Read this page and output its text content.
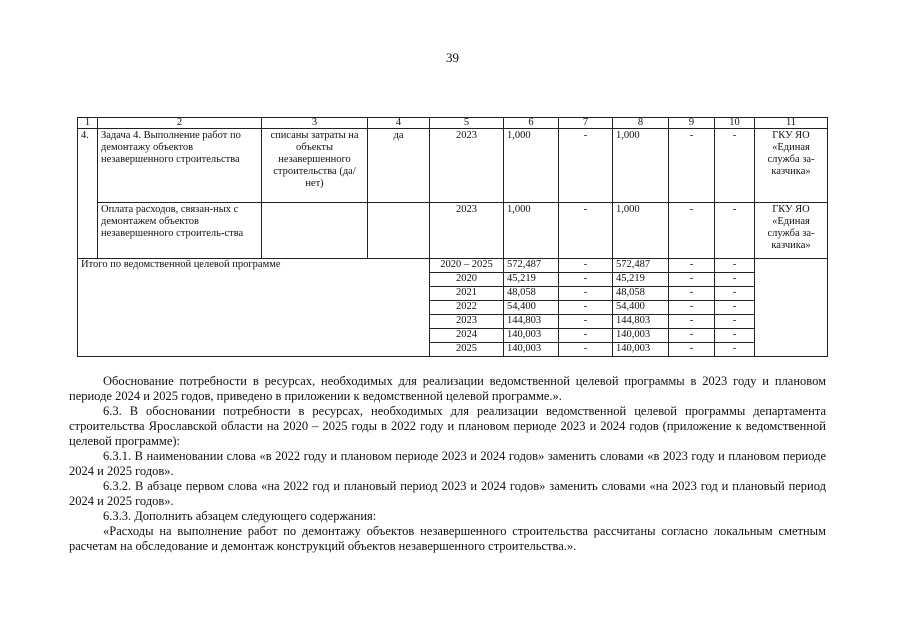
39
1	2	3	4	5	6	7	8	9	10	11
4.	Задача 4. Выполнение работ по демонтажу объектов незавершенного строительства	списаны затраты на объекты незавершенного строительства (да/нет)	да	2023	1,000	-	1,000	-	-	ГКУ ЯО «Единая служба за-казчика»
	Оплата расходов, связан-ных с демонтажем объектов незавершенного строитель-ства			2023	1,000	-	1,000	-	-	ГКУ ЯО «Единая служба за-казчика»
Итого по ведомственной целевой программе				2020 – 2025	572,487	-	572,487	-	-	
				2020	45,219	-	45,219	-	-	
				2021	48,058	-	48,058	-	-	
				2022	54,400	-	54,400	-	-	
				2023	144,803	-	144,803	-	-	
				2024	140,003	-	140,003	-	-	
				2025	140,003	-	140,003	-	-	

Обоснование потребности в ресурсах, необходимых для реализации ведомственной целевой программы в 2023 году и плановом периоде 2024 и 2025 годов, приведено в приложении к ведомственной целевой программе.».

6.3. В обосновании потребности в ресурсах, необходимых для реализации ведомственной целевой программы департамента строительства Ярославской области на 2020 – 2025 годы в 2022 году и плановом периоде 2023 и 2024 годов (приложение к ведомственной целевой программе):

6.3.1. В наименовании слова «в 2022 году и плановом периоде 2023 и 2024 годов» заменить словами «в 2023 году и плановом периоде 2024 и 2025 годов».

6.3.2. В абзаце первом слова «на 2022 год и плановый период 2023 и 2024 годов» заменить словами «на 2023 год и плановый период 2024 и 2025 годов».

6.3.3. Дополнить абзацем следующего содержания:

«Расходы на выполнение работ по демонтажу объектов незавершенного строительства рассчитаны согласно локальным сметным расчетам на обследование и демонтаж конструкций объектов незавершенного строительства.».
